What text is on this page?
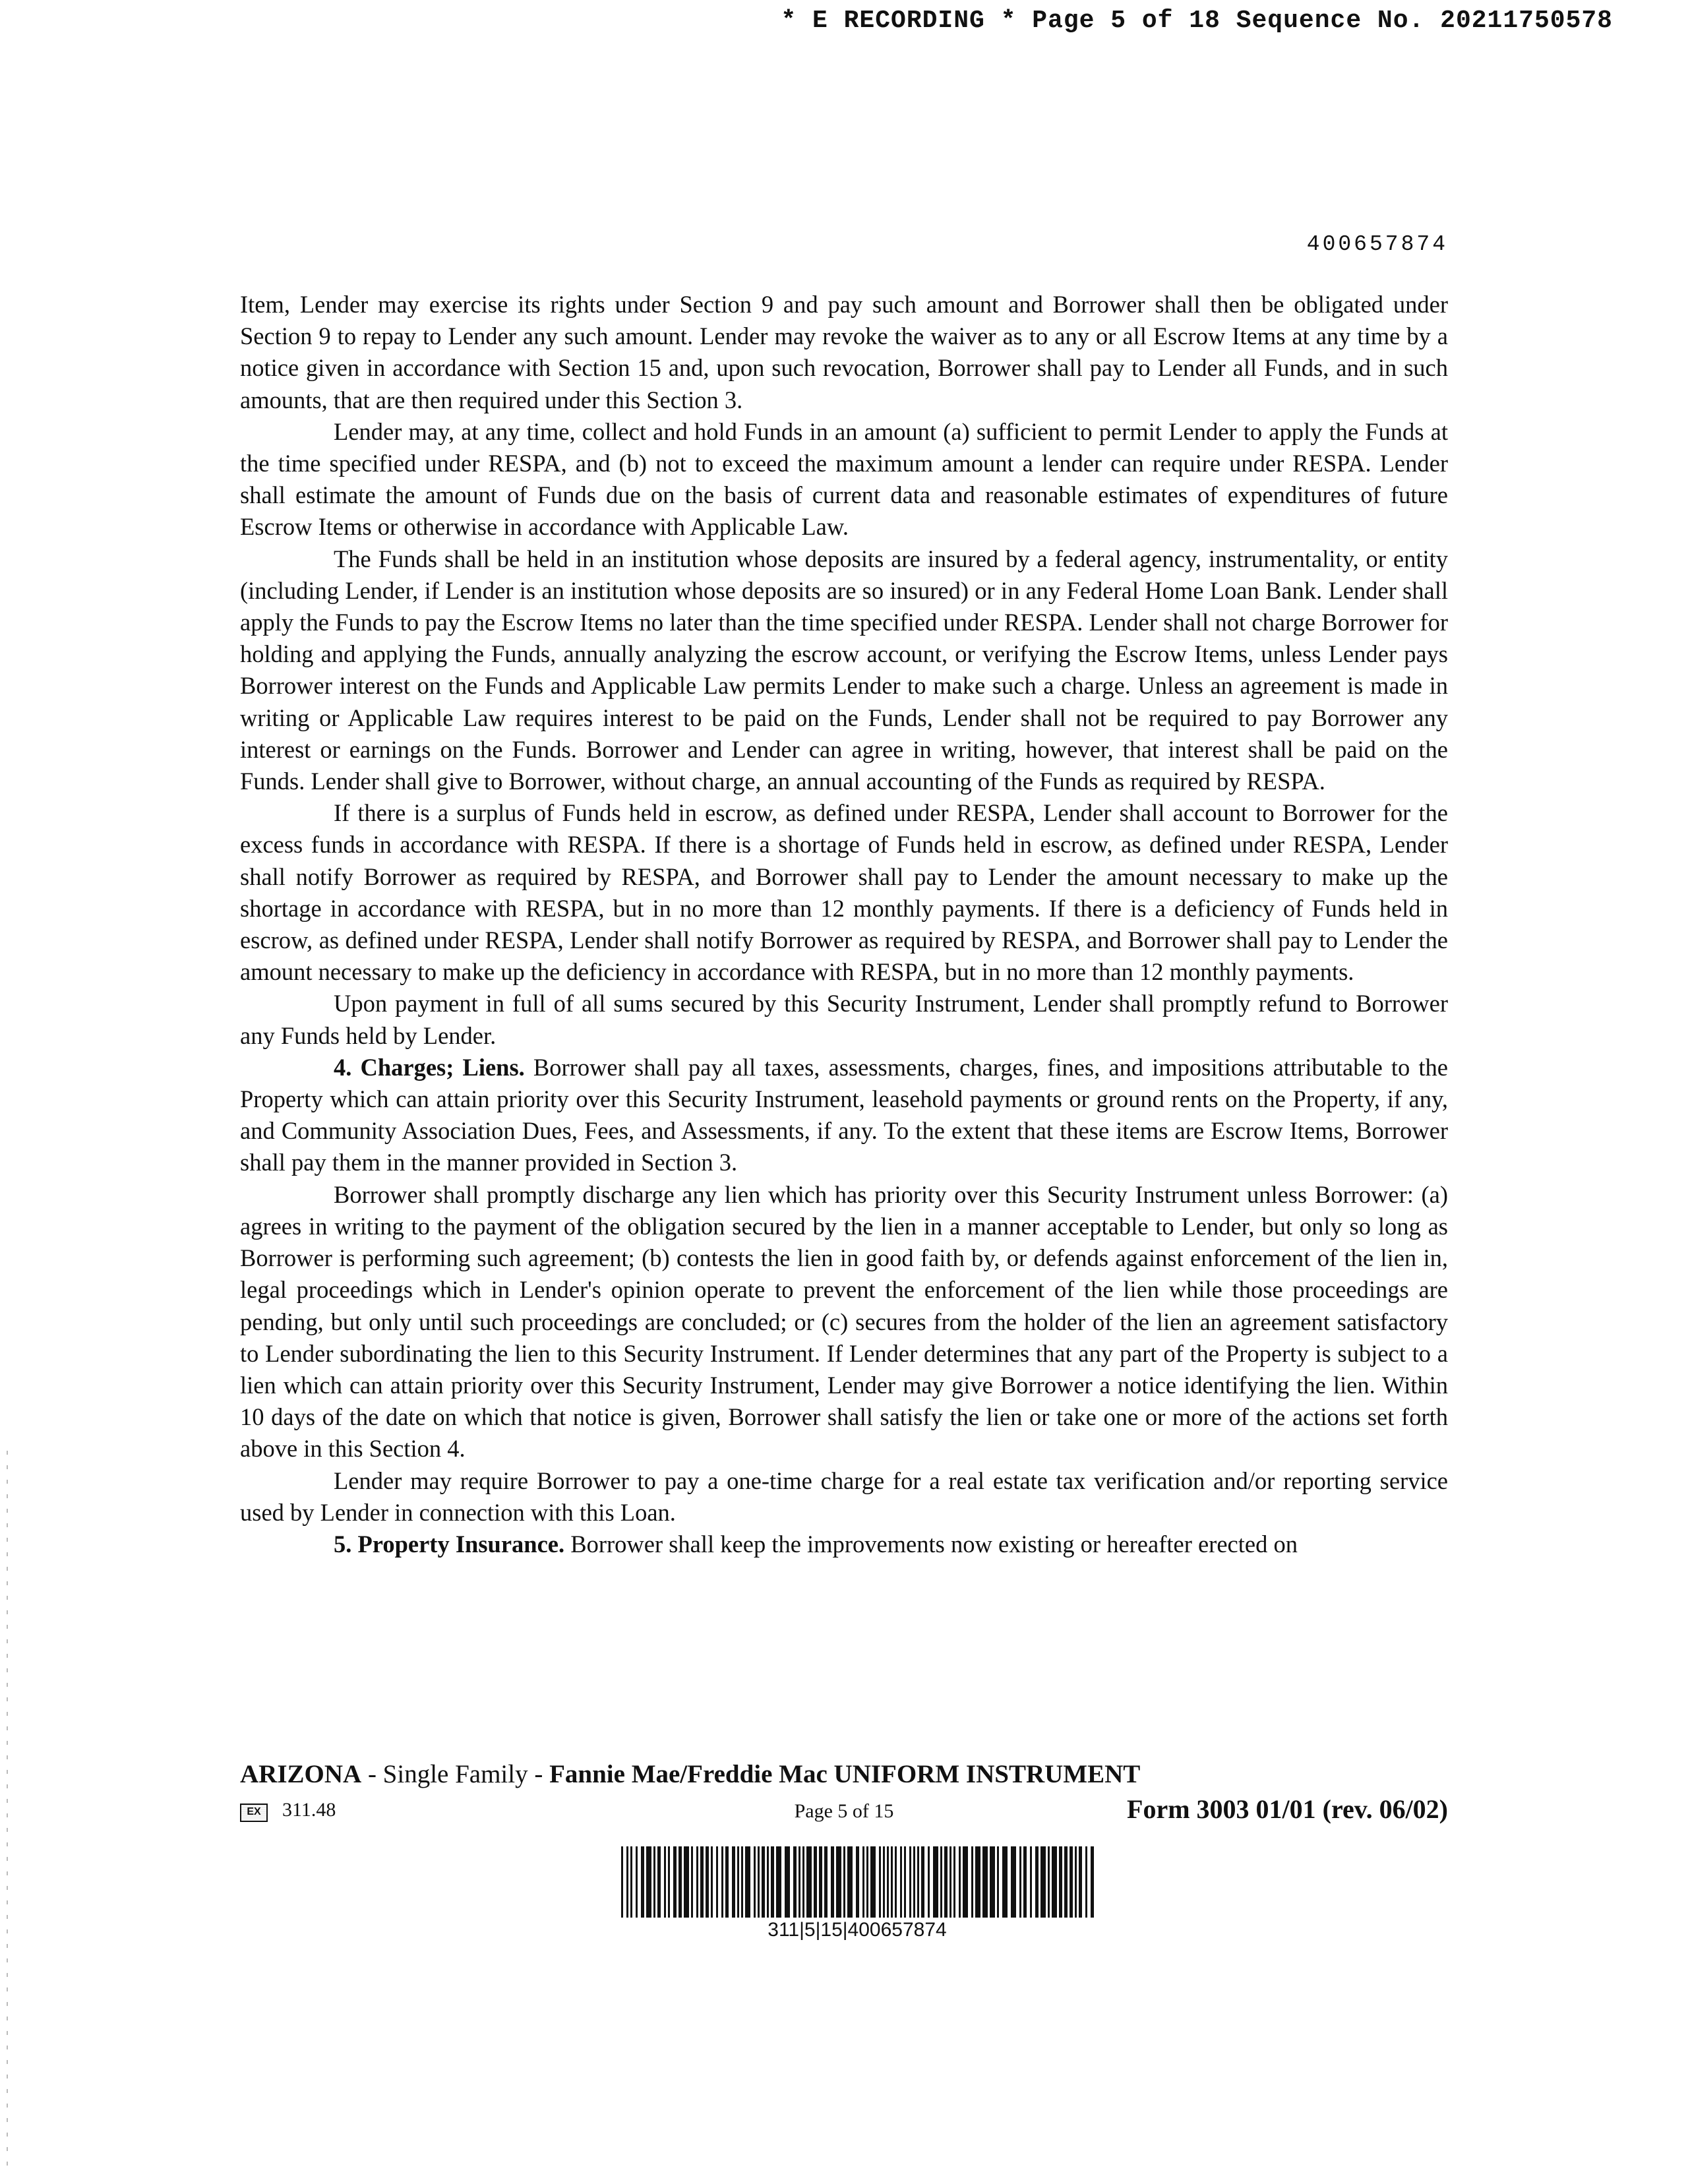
* E RECORDING * Page 5 of 18 Sequence No. 20211750578
400657874

Item, Lender may exercise its rights under Section 9 and pay such amount and Borrower shall then be obligated under Section 9 to repay to Lender any such amount. Lender may revoke the waiver as to any or all Escrow Items at any time by a notice given in accordance with Section 15 and, upon such revocation, Borrower shall pay to Lender all Funds, and in such amounts, that are then required under this Section 3.

Lender may, at any time, collect and hold Funds in an amount (a) sufficient to permit Lender to apply the Funds at the time specified under RESPA, and (b) not to exceed the maximum amount a lender can require under RESPA. Lender shall estimate the amount of Funds due on the basis of current data and reasonable estimates of expenditures of future Escrow Items or otherwise in accordance with Applicable Law.

The Funds shall be held in an institution whose deposits are insured by a federal agency, instrumentality, or entity (including Lender, if Lender is an institution whose deposits are so insured) or in any Federal Home Loan Bank. Lender shall apply the Funds to pay the Escrow Items no later than the time specified under RESPA. Lender shall not charge Borrower for holding and applying the Funds, annually analyzing the escrow account, or verifying the Escrow Items, unless Lender pays Borrower interest on the Funds and Applicable Law permits Lender to make such a charge. Unless an agreement is made in writing or Applicable Law requires interest to be paid on the Funds, Lender shall not be required to pay Borrower any interest or earnings on the Funds. Borrower and Lender can agree in writing, however, that interest shall be paid on the Funds. Lender shall give to Borrower, without charge, an annual accounting of the Funds as required by RESPA.

If there is a surplus of Funds held in escrow, as defined under RESPA, Lender shall account to Borrower for the excess funds in accordance with RESPA. If there is a shortage of Funds held in escrow, as defined under RESPA, Lender shall notify Borrower as required by RESPA, and Borrower shall pay to Lender the amount necessary to make up the shortage in accordance with RESPA, but in no more than 12 monthly payments. If there is a deficiency of Funds held in escrow, as defined under RESPA, Lender shall notify Borrower as required by RESPA, and Borrower shall pay to Lender the amount necessary to make up the deficiency in accordance with RESPA, but in no more than 12 monthly payments.

Upon payment in full of all sums secured by this Security Instrument, Lender shall promptly refund to Borrower any Funds held by Lender.

4. Charges; Liens. Borrower shall pay all taxes, assessments, charges, fines, and impositions attributable to the Property which can attain priority over this Security Instrument, leasehold payments or ground rents on the Property, if any, and Community Association Dues, Fees, and Assessments, if any. To the extent that these items are Escrow Items, Borrower shall pay them in the manner provided in Section 3.

Borrower shall promptly discharge any lien which has priority over this Security Instrument unless Borrower: (a) agrees in writing to the payment of the obligation secured by the lien in a manner acceptable to Lender, but only so long as Borrower is performing such agreement; (b) contests the lien in good faith by, or defends against enforcement of the lien in, legal proceedings which in Lender's opinion operate to prevent the enforcement of the lien while those proceedings are pending, but only until such proceedings are concluded; or (c) secures from the holder of the lien an agreement satisfactory to Lender subordinating the lien to this Security Instrument. If Lender determines that any part of the Property is subject to a lien which can attain priority over this Security Instrument, Lender may give Borrower a notice identifying the lien. Within 10 days of the date on which that notice is given, Borrower shall satisfy the lien or take one or more of the actions set forth above in this Section 4.

Lender may require Borrower to pay a one-time charge for a real estate tax verification and/or reporting service used by Lender in connection with this Loan.

5. Property Insurance. Borrower shall keep the improvements now existing or hereafter erected on

ARIZONA - Single Family - Fannie Mae/Freddie Mac UNIFORM INSTRUMENT
EX 311.48	Page 5 of 15	Form 3003 01/01 (rev. 06/02)
311|5|15|400657874
